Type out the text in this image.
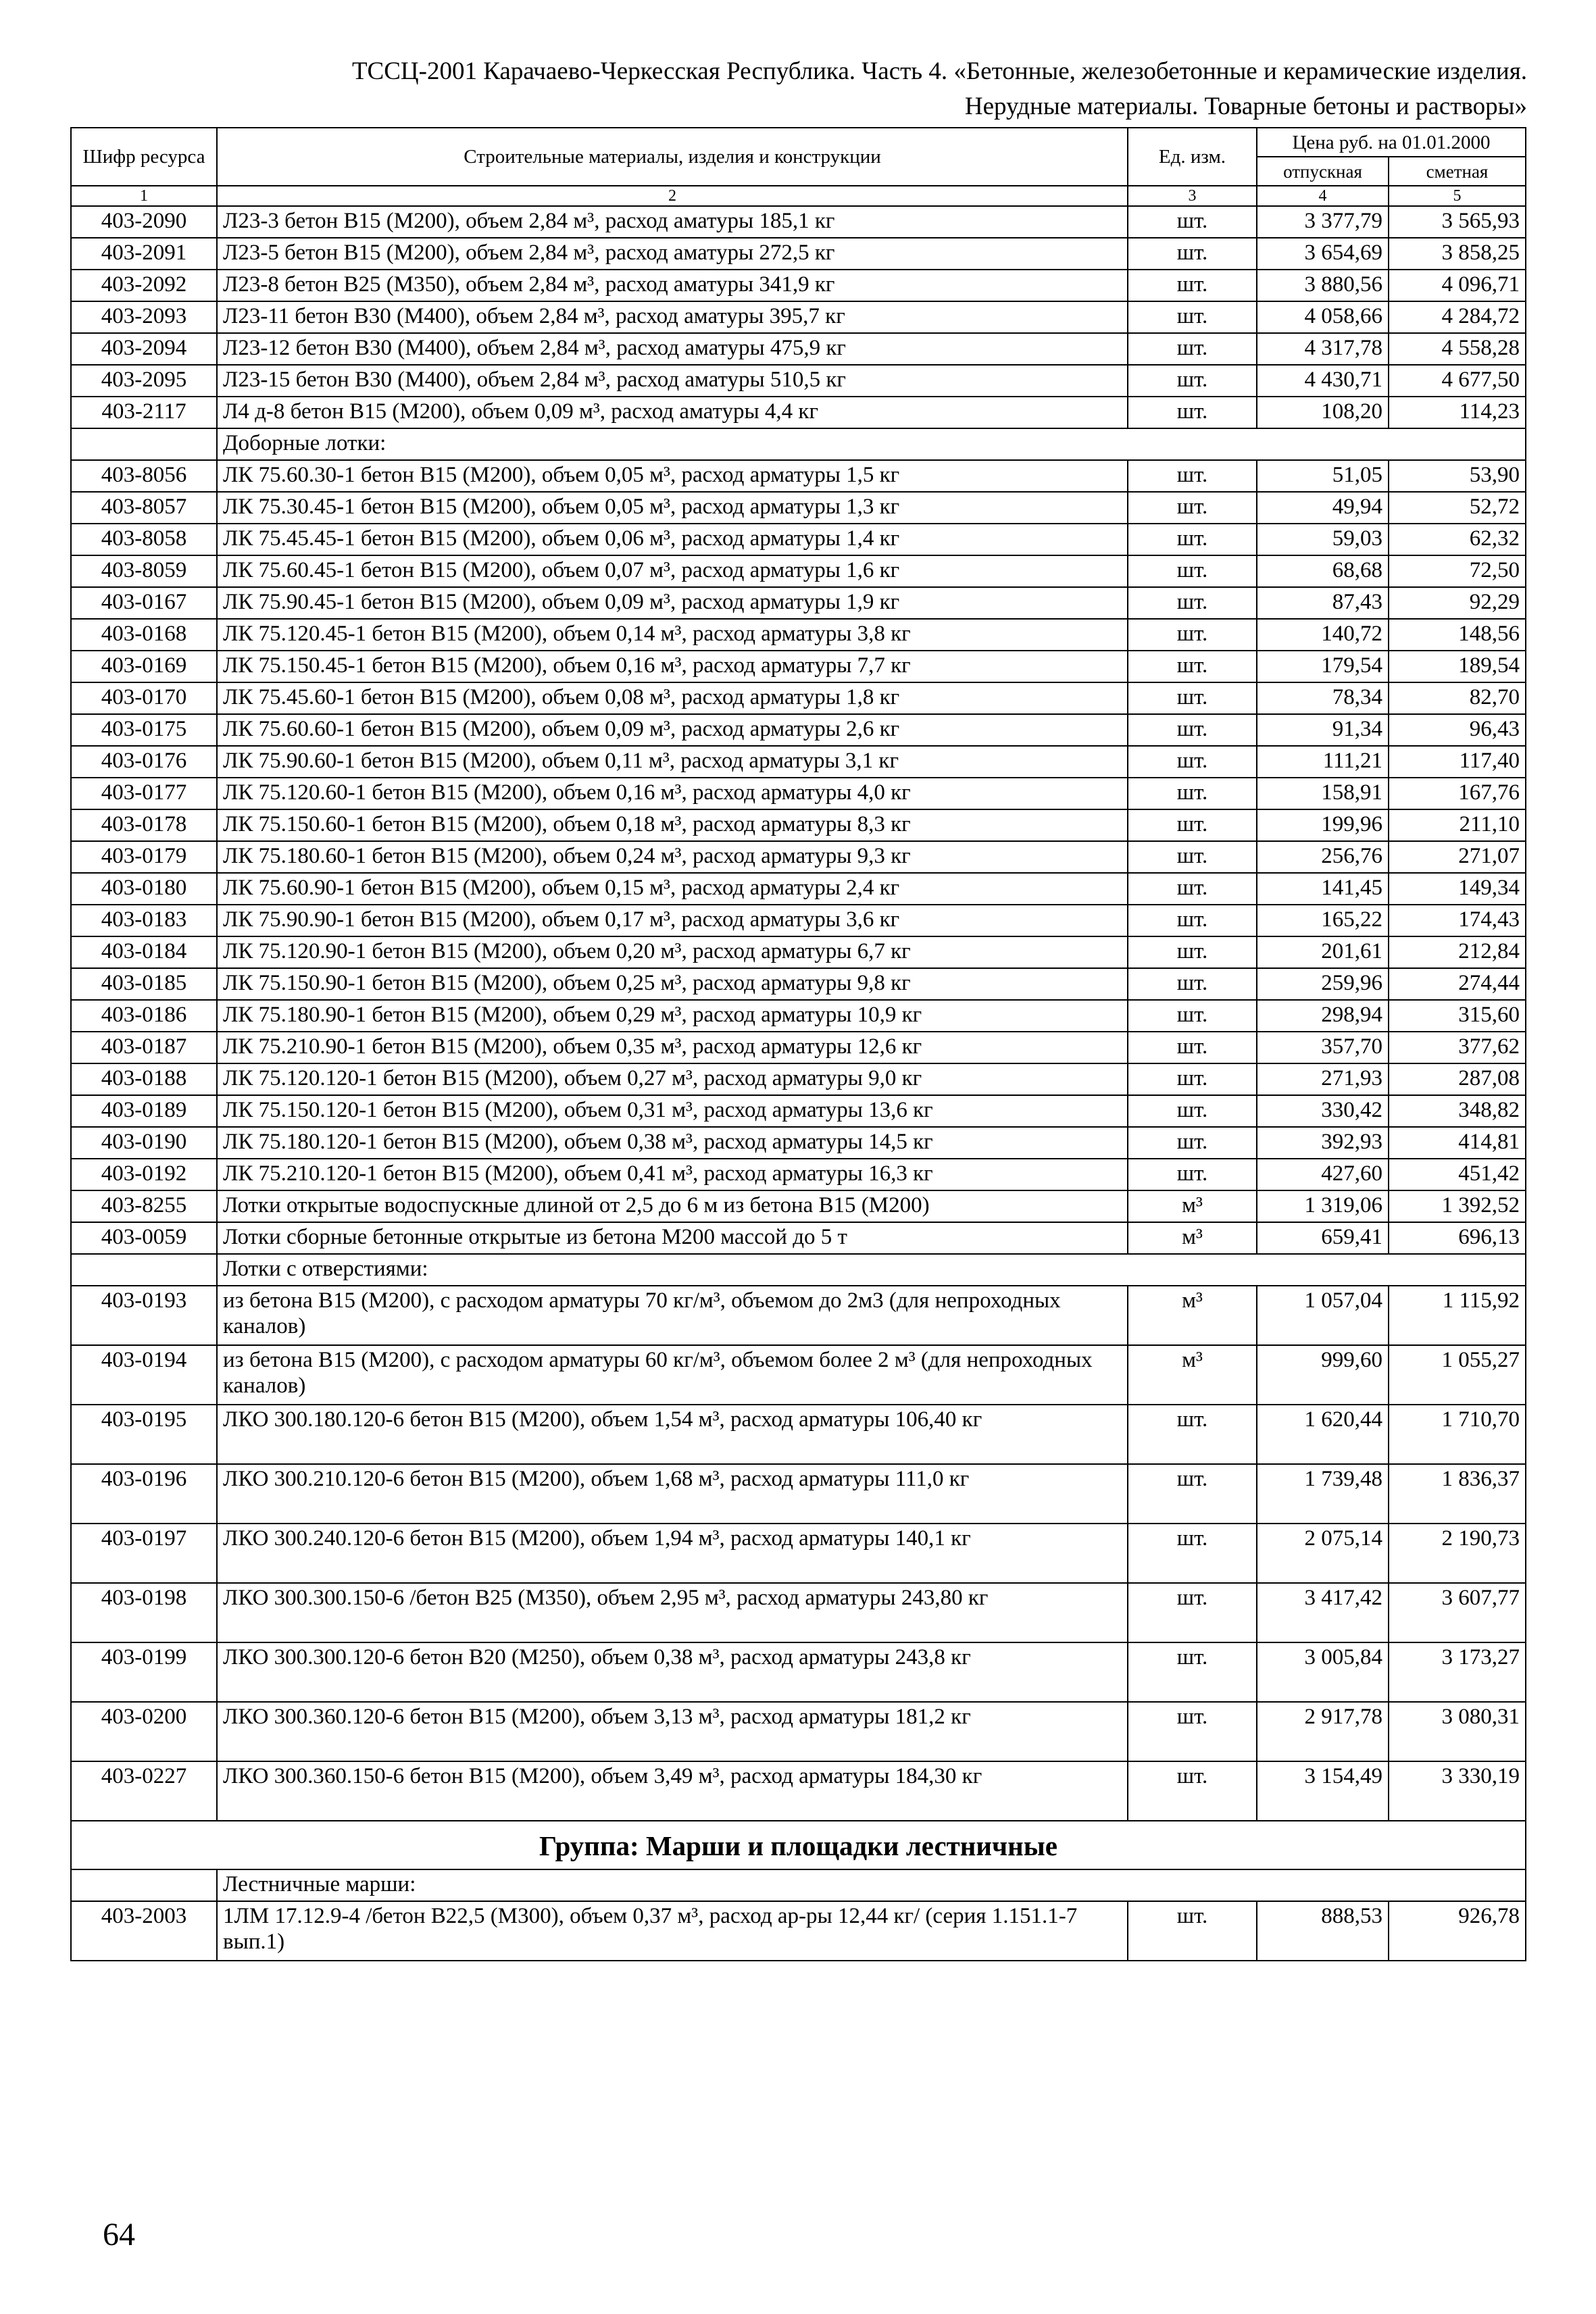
ТССЦ-2001 Карачаево-Черкесская Республика. Часть 4. «Бетонные, железобетонные и керамические изделия.
Нерудные материалы. Товарные бетоны и растворы»
Шифр ресурса	Строительные материалы, изделия и конструкции	Ед. изм.	Цена руб. на 01.01.2000	
			отпускная	сметная
1	2	3	4	5
403-2090	Л23-3 бетон B15 (М200), объем 2,84 м³, расход аматуры 185,1 кг	шт.	3 377,79	3 565,93
403-2091	Л23-5 бетон B15 (М200), объем 2,84 м³, расход аматуры 272,5 кг	шт.	3 654,69	3 858,25
403-2092	Л23-8 бетон B25 (М350), объем 2,84 м³, расход аматуры 341,9 кг	шт.	3 880,56	4 096,71
403-2093	Л23-11 бетон B30 (М400), объем 2,84 м³, расход аматуры 395,7 кг	шт.	4 058,66	4 284,72
403-2094	Л23-12 бетон B30 (М400), объем 2,84 м³, расход аматуры 475,9 кг	шт.	4 317,78	4 558,28
403-2095	Л23-15 бетон B30 (М400), объем 2,84 м³, расход аматуры 510,5 кг	шт.	4 430,71	4 677,50
403-2117	Л4 д-8 бетон B15 (М200), объем 0,09 м³, расход аматуры 4,4 кг	шт.	108,20	114,23
	Доборные лотки:			
403-8056	ЛК 75.60.30-1 бетон B15 (М200), объем 0,05 м³, расход арматуры 1,5 кг	шт.	51,05	53,90
403-8057	ЛК 75.30.45-1 бетон B15 (М200), объем 0,05 м³, расход арматуры 1,3 кг	шт.	49,94	52,72
403-8058	ЛК 75.45.45-1 бетон B15 (М200), объем 0,06 м³, расход арматуры 1,4 кг	шт.	59,03	62,32
403-8059	ЛК 75.60.45-1 бетон B15 (М200), объем 0,07 м³, расход арматуры 1,6 кг	шт.	68,68	72,50
403-0167	ЛК 75.90.45-1 бетон B15 (М200), объем 0,09 м³, расход арматуры 1,9 кг	шт.	87,43	92,29
403-0168	ЛК 75.120.45-1 бетон B15 (М200), объем 0,14 м³, расход арматуры 3,8 кг	шт.	140,72	148,56
403-0169	ЛК 75.150.45-1 бетон B15 (М200), объем 0,16 м³, расход арматуры 7,7 кг	шт.	179,54	189,54
403-0170	ЛК 75.45.60-1 бетон B15 (М200), объем 0,08 м³, расход арматуры 1,8 кг	шт.	78,34	82,70
403-0175	ЛК 75.60.60-1 бетон B15 (М200), объем 0,09 м³, расход арматуры 2,6 кг	шт.	91,34	96,43
403-0176	ЛК 75.90.60-1 бетон B15 (М200), объем 0,11 м³, расход арматуры 3,1 кг	шт.	111,21	117,40
403-0177	ЛК 75.120.60-1 бетон B15 (М200), объем 0,16 м³, расход арматуры 4,0 кг	шт.	158,91	167,76
403-0178	ЛК 75.150.60-1 бетон B15 (М200), объем 0,18 м³, расход арматуры 8,3 кг	шт.	199,96	211,10
403-0179	ЛК 75.180.60-1 бетон B15 (М200), объем 0,24 м³, расход арматуры 9,3 кг	шт.	256,76	271,07
403-0180	ЛК 75.60.90-1 бетон B15 (М200), объем 0,15 м³, расход арматуры 2,4 кг	шт.	141,45	149,34
403-0183	ЛК 75.90.90-1 бетон B15 (М200), объем 0,17 м³, расход арматуры 3,6 кг	шт.	165,22	174,43
403-0184	ЛК 75.120.90-1 бетон B15 (М200), объем 0,20 м³, расход арматуры 6,7 кг	шт.	201,61	212,84
403-0185	ЛК 75.150.90-1 бетон B15 (М200), объем 0,25 м³, расход арматуры 9,8 кг	шт.	259,96	274,44
403-0186	ЛК 75.180.90-1 бетон B15 (М200), объем 0,29 м³, расход арматуры 10,9 кг	шт.	298,94	315,60
403-0187	ЛК 75.210.90-1 бетон B15 (М200), объем 0,35 м³, расход арматуры 12,6 кг	шт.	357,70	377,62
403-0188	ЛК 75.120.120-1 бетон B15 (М200), объем 0,27 м³, расход арматуры 9,0 кг	шт.	271,93	287,08
403-0189	ЛК 75.150.120-1 бетон B15 (М200), объем 0,31 м³, расход арматуры 13,6 кг	шт.	330,42	348,82
403-0190	ЛК 75.180.120-1 бетон B15 (М200), объем 0,38 м³, расход арматуры 14,5 кг	шт.	392,93	414,81
403-0192	ЛК 75.210.120-1 бетон B15 (М200), объем 0,41 м³, расход арматуры 16,3 кг	шт.	427,60	451,42
403-8255	Лотки открытые водоспускные длиной от 2,5 до 6 м из бетона B15 (М200)	м³	1 319,06	1 392,52
403-0059	Лотки сборные бетонные открытые из бетона М200 массой до 5 т	м³	659,41	696,13
	Лотки с отверстиями:			
403-0193	из бетона B15 (М200), с расходом арматуры 70 кг/м³, объемом до 2м3 (для непроходных каналов)	м³	1 057,04	1 115,92
403-0194	из бетона B15 (М200), с расходом арматуры 60 кг/м³, объемом более 2 м³ (для непроходных каналов)	м³	999,60	1 055,27
403-0195	ЛКО 300.180.120-6 бетон B15 (М200), объем 1,54 м³, расход арматуры 106,40 кг	шт.	1 620,44	1 710,70
403-0196	ЛКО 300.210.120-6 бетон B15 (М200), объем 1,68 м³, расход арматуры 111,0 кг	шт.	1 739,48	1 836,37
403-0197	ЛКО 300.240.120-6 бетон B15 (М200), объем 1,94 м³, расход арматуры 140,1 кг	шт.	2 075,14	2 190,73
403-0198	ЛКО 300.300.150-6 /бетон B25 (М350), объем 2,95 м³, расход арматуры 243,80 кг	шт.	3 417,42	3 607,77
403-0199	ЛКО 300.300.120-6 бетон B20 (М250), объем 0,38 м³, расход арматуры 243,8 кг	шт.	3 005,84	3 173,27
403-0200	ЛКО 300.360.120-6 бетон B15 (М200), объем 3,13 м³, расход арматуры 181,2 кг	шт.	2 917,78	3 080,31
403-0227	ЛКО 300.360.150-6 бетон B15 (М200), объем 3,49 м³, расход арматуры 184,30 кг	шт.	3 154,49	3 330,19
Группа: Марши и площадки лестничные				
	Лестничные марши:			
403-2003	1ЛМ 17.12.9-4 /бетон B22,5 (М300), объем 0,37 м³, расход ар-ры 12,44 кг/ (серия 1.151.1-7 вып.1)	шт.	888,53	926,78
64
